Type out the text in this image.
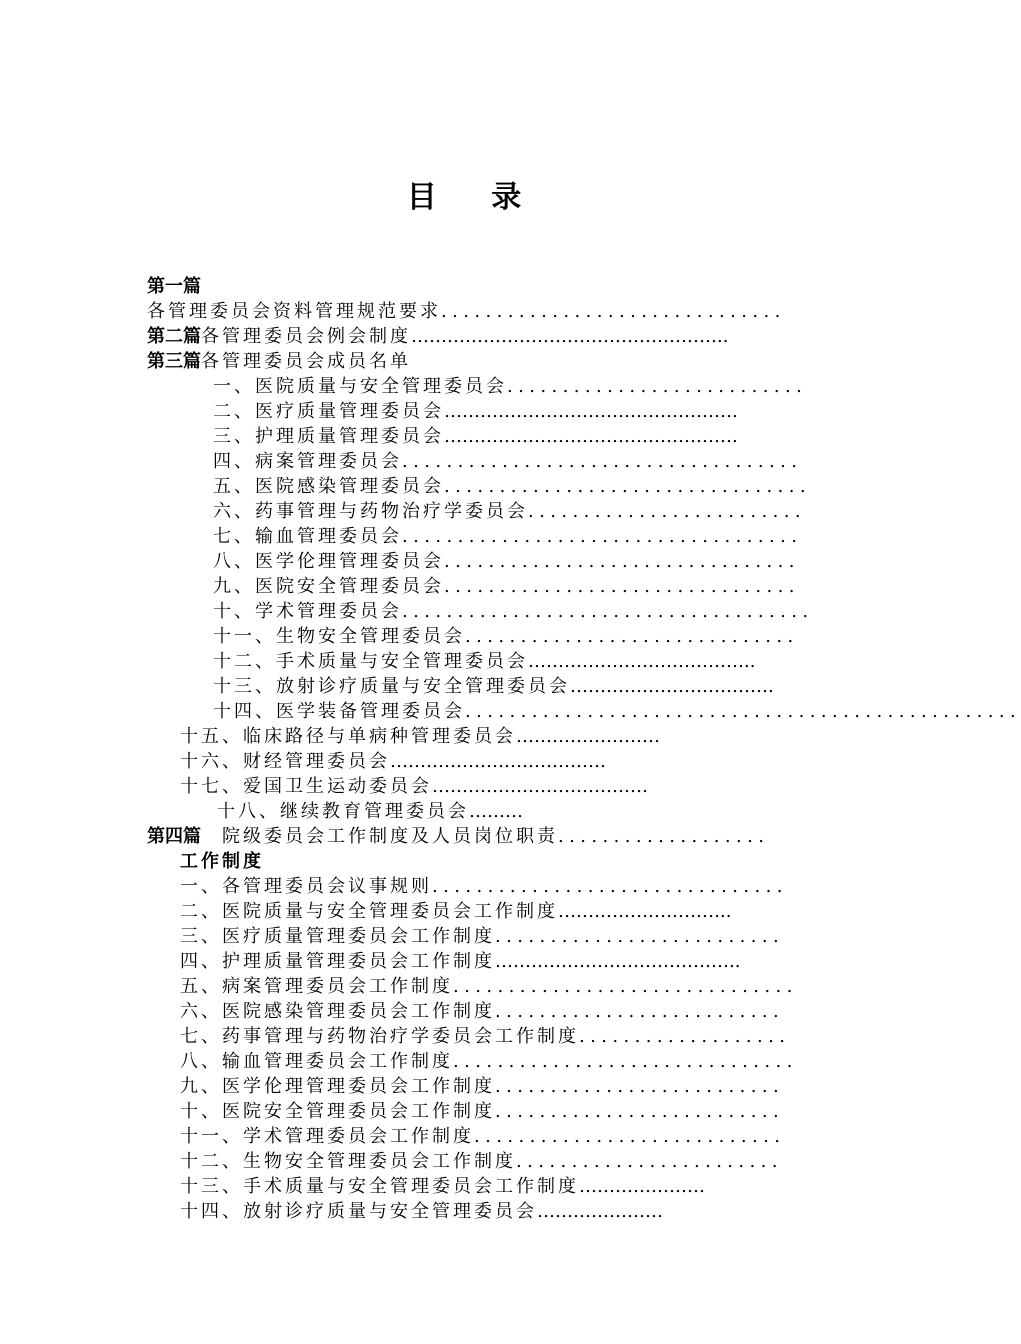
目 录
第一篇
各管理委员会资料管理规范要求...............................
第二篇各管理委员会例会制度……………………………………………..
第三篇各管理委员会成员名单
一、医院质量与安全管理委员会...........................
二、医疗质量管理委员会………………………………………….
三、护理质量管理委员会………………………………………….
四、病案管理委员会....................................
五、医院感染管理委员会.................................
六、药事管理与药物治疗学委员会.........................
七、输血管理委员会....................................
八、医学伦理管理委员会................................
九、医院安全管理委员会................................
十、学术管理委员会.....................................
十一、生物安全管理委员会..............................
十二、手术质量与安全管理委员会………………………………..
十三、放射诊疗质量与安全管理委员会…………………………….
十四、医学装备管理委员会..................................................
十五、临床路径与单病种管理委员会……………………
十六、财经管理委员会………………………………
十七、爱国卫生运动委员会………………………………
十八、继续教育管理委员会………
第四篇　院级委员会工作制度及人员岗位职责...................
工作制度
一、各管理委员会议事规则................................
二、医院质量与安全管理委员会工作制度………………………..
三、医疗质量管理委员会工作制度..........................
四、护理质量管理委员会工作制度…………………………………..
五、病案管理委员会工作制度...............................
六、医院感染管理委员会工作制度..........................
七、药事管理与药物治疗学委员会工作制度...................
八、输血管理委员会工作制度...............................
九、医学伦理管理委员会工作制度..........................
十、医院安全管理委员会工作制度..........................
十一、学术管理委员会工作制度............................
十二、生物安全管理委员会工作制度........................
十三、手术质量与安全管理委员会工作制度…………………
十四、放射诊疗质量与安全管理委员会…………………
